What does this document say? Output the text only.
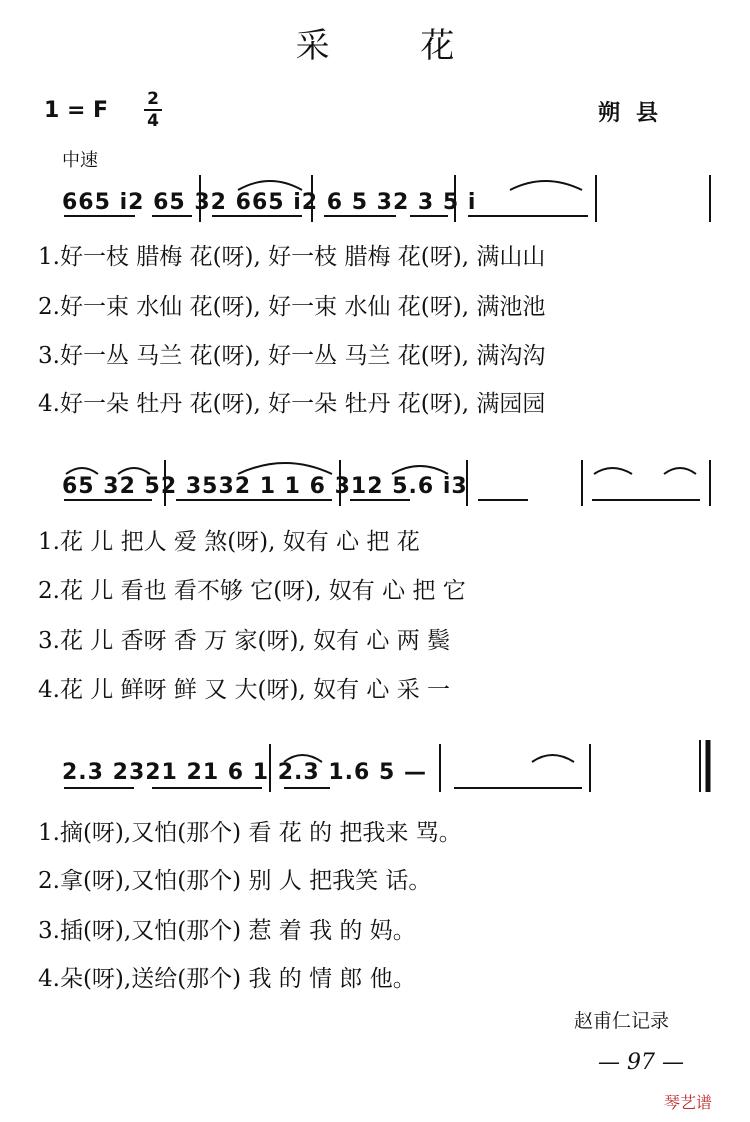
采 花
1 = F 2
4	朔县
中速
665 i2 65 32 665 i2 6 5 32 3 5 i
1.好一枝 腊梅 花(呀), 好一枝 腊梅 花(呀), 满山山
2.好一束 水仙 花(呀), 好一束 水仙 花(呀), 满池池
3.好一丛 马兰 花(呀), 好一丛 马兰 花(呀), 满沟沟
4.好一朵 牡丹 花(呀), 好一朵 牡丹 花(呀), 满园园
65 32 52 3532 1 1 6 312 5.6 i3
1.花 儿 把人 爱 煞(呀), 奴有 心 把 花
2.花 儿 看也 看不够 它(呀), 奴有 心 把 它
3.花 儿 香呀 香 万 家(呀), 奴有 心 两 鬓
4.花 儿 鲜呀 鲜 又 大(呀), 奴有 心 采 一
2.3 2321 21 6 1 2.3 1.6 5 —
1.摘(呀),又怕(那个) 看 花 的 把我来 骂。
2.拿(呀),又怕(那个) 别 人 把我笑 话。
3.插(呀),又怕(那个) 惹 着 我 的 妈。
4.朵(呀),送给(那个) 我 的 情 郎 他。
赵甫仁记录
— 97 —
琴艺谱
